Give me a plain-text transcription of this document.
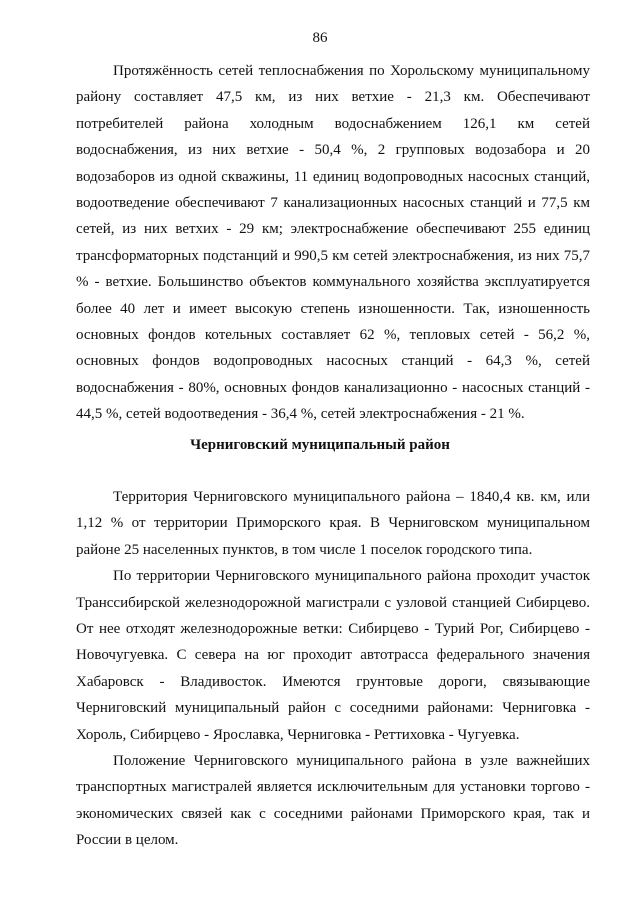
86

Протяжённость сетей теплоснабжения по Хорольскому муниципальному району составляет 47,5 км, из них ветхие - 21,3 км. Обеспечивают потребителей района холодным водоснабжением 126,1 км сетей водоснабжения, из них ветхие - 50,4 %, 2 групповых водозабора и 20 водозаборов из одной скважины, 11 единиц водопроводных насосных станций, водоотведение обеспечивают 7 канализационных насосных станций и 77,5 км сетей, из них ветхих - 29 км; электроснабжение обеспечивают 255 единиц трансформаторных подстанций и 990,5 км сетей электроснабжения, из них 75,7 % - ветхие. Большинство объектов коммунального хозяйства эксплуатируется более 40 лет и имеет высокую степень изношенности. Так, изношенность основных фондов котельных составляет 62 %, тепловых сетей - 56,2 %, основных фондов водопроводных насосных станций - 64,3 %, сетей водоснабжения - 80%, основных фондов канализационно - насосных станций - 44,5 %, сетей водоотведения - 36,4 %, сетей электроснабжения - 21 %.

Черниговский муниципальный район

Территория Черниговского муниципального района – 1840,4 кв. км, или 1,12 % от территории Приморского края. В Черниговском муниципальном районе 25 населенных пунктов, в том числе 1 поселок городского типа.

По территории Черниговского муниципального района проходит участок Транссибирской железнодорожной магистрали с узловой станцией Сибирцево. От нее отходят железнодорожные ветки: Сибирцево - Турий Рог, Сибирцево - Новочугуевка. С севера на юг проходит автотрасса федерального значения Хабаровск - Владивосток. Имеются грунтовые дороги, связывающие Черниговский муниципальный район с соседними районами: Черниговка - Хороль, Сибирцево - Ярославка, Черниговка - Реттиховка - Чугуевка.

Положение Черниговского муниципального района в узле важнейших транспортных магистралей является исключительным для установки торгово - экономических связей как с соседними районами Приморского края, так и России в целом.
